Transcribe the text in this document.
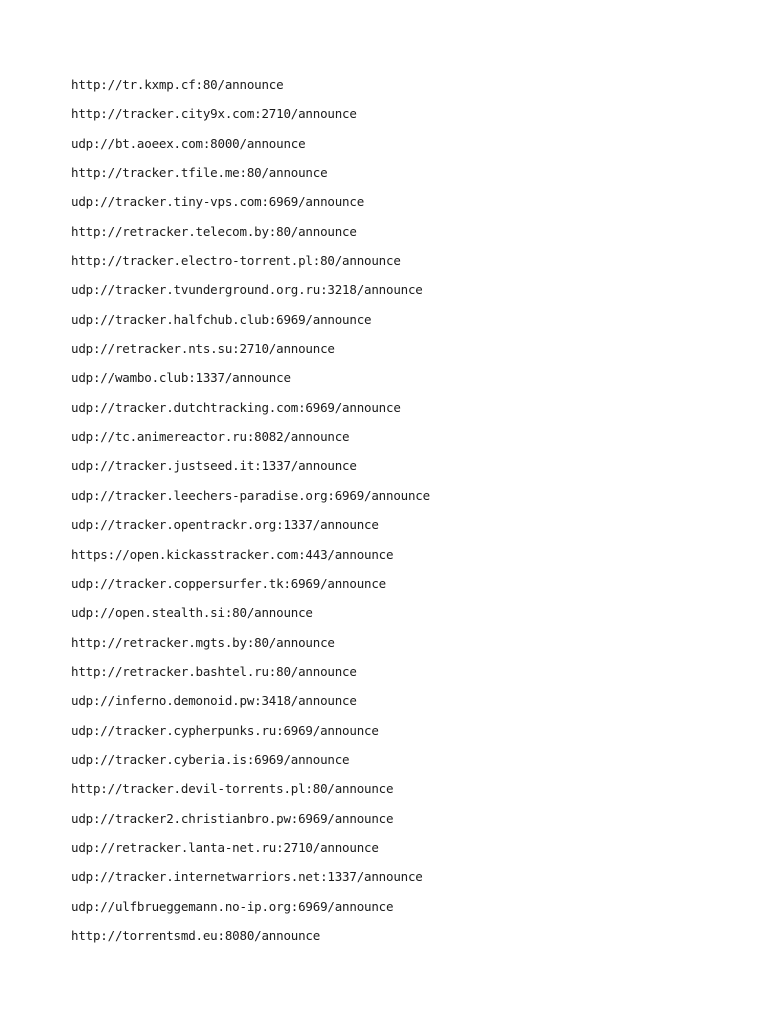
http://tr.kxmp.cf:80/announce
http://tracker.city9x.com:2710/announce
udp://bt.aoeex.com:8000/announce
http://tracker.tfile.me:80/announce
udp://tracker.tiny-vps.com:6969/announce
http://retracker.telecom.by:80/announce
http://tracker.electro-torrent.pl:80/announce
udp://tracker.tvunderground.org.ru:3218/announce
udp://tracker.halfchub.club:6969/announce
udp://retracker.nts.su:2710/announce
udp://wambo.club:1337/announce
udp://tracker.dutchtracking.com:6969/announce
udp://tc.animereactor.ru:8082/announce
udp://tracker.justseed.it:1337/announce
udp://tracker.leechers-paradise.org:6969/announce
udp://tracker.opentrackr.org:1337/announce
https://open.kickasstracker.com:443/announce
udp://tracker.coppersurfer.tk:6969/announce
udp://open.stealth.si:80/announce
http://retracker.mgts.by:80/announce
http://retracker.bashtel.ru:80/announce
udp://inferno.demonoid.pw:3418/announce
udp://tracker.cypherpunks.ru:6969/announce
udp://tracker.cyberia.is:6969/announce
http://tracker.devil-torrents.pl:80/announce
udp://tracker2.christianbro.pw:6969/announce
udp://retracker.lanta-net.ru:2710/announce
udp://tracker.internetwarriors.net:1337/announce
udp://ulfbrueggemann.no-ip.org:6969/announce
http://torrentsmd.eu:8080/announce
